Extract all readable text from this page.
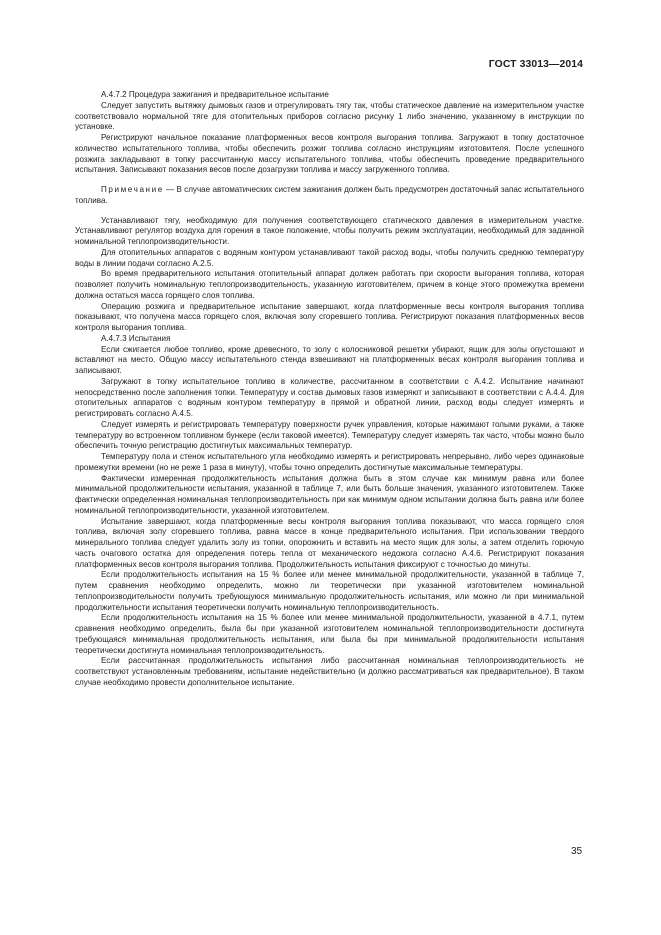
ГОСТ 33013—2014

А.4.7.2 Процедура зажигания и предварительное испытание

Следует запустить вытяжку дымовых газов и отрегулировать тягу так, чтобы статическое давление на измерительном участке соответствовало нормальной тяге для отопительных приборов согласно рисунку 1 либо значению, указанному в инструкции по установке.

Регистрируют начальное показание платформенных весов контроля выгорания топлива. Загружают в топку достаточное количество испытательного топлива, чтобы обеспечить розжиг топлива согласно инструкциям изготовителя. После успешного розжига закладывают в топку рассчитанную массу испытательного топлива, чтобы обеспечить проведение предварительного испытания. Записывают показания весов после дозагрузки топлива и массу загруженного топлива.

Примечание — В случае автоматических систем зажигания должен быть предусмотрен достаточный запас испытательного топлива.

Устанавливают тягу, необходимую для получения соответствующего статического давления в измерительном участке. Устанавливают регулятор воздуха для горения в такое положение, чтобы получить режим эксплуатации, необходимый для заданной номинальной теплопроизводительности.

Для отопительных аппаратов с водяным контуром устанавливают такой расход воды, чтобы получить среднюю температуру воды в линии подачи согласно А.2.5.

Во время предварительного испытания отопительный аппарат должен работать при скорости выгорания топлива, которая позволяет получить номинальную теплопроизводительность, указанную изготовителем, причем в конце этого промежутка времени должна остаться масса горящего слоя топлива.

Операцию розжига и предварительное испытание завершают, когда платформенные весы контроля выгорания топлива показывают, что получена масса горящего слоя, включая золу сгоревшего топлива. Регистрируют показания платформенных весов контроля выгорания топлива.

А.4.7.3 Испытания

Если сжигается любое топливо, кроме древесного, то золу с колосниковой решетки убирают, ящик для золы опустошают и вставляют на место. Общую массу испытательного стенда взвешивают на платформенных весах контроля выгорания топлива и записывают.

Загружают в топку испытательное топливо в количестве, рассчитанном в соответствии с А.4.2. Испытание начинают непосредственно после заполнения топки. Температуру и состав дымовых газов измеряют и записывают в соответствии с А.4.4. Для отопительных аппаратов с водяным контуром температуру в прямой и обратной линии, расход воды следует измерять и регистрировать согласно А.4.5.

Следует измерять и регистрировать температуру поверхности ручек управления, которые нажимают голыми руками, а также температуру во встроенном топливном бункере (если таковой имеется). Температуру следует измерять так часто, чтобы можно было обеспечить точную регистрацию достигнутых максимальных температур.

Температуру пола и стенок испытательного угла необходимо измерять и регистрировать непрерывно, либо через одинаковые промежутки времени (но не реже 1 раза в минуту), чтобы точно определить достигнутые максимальные температуры.

Фактически измеренная продолжительность испытания должна быть в этом случае как минимум равна или более минимальной продолжительности испытания, указанной в таблице 7, или быть больше значения, указанного изготовителем. Также фактически определенная номинальная теплопроизводительность при как минимум одном испытании должна быть равна или более номинальной теплопроизводительности, указанной изготовителем.

Испытание завершают, когда платформенные весы контроля выгорания топлива показывают, что масса горящего слоя топлива, включая золу сгоревшего топлива, равна массе в конце предварительного испытания. При использовании твердого минерального топлива следует удалить золу из топки, опорожнить и вставить на место ящик для золы, а затем отделить горючую часть очагового остатка для определения потерь тепла от механического недожога согласно А.4.6. Регистрируют показания платформенных весов контроля выгорания топлива. Продолжительность испытания фиксируют с точностью до минуты.

Если продолжительность испытания на 15 % более или менее минимальной продолжительности, указанной в таблице 7, путем сравнения необходимо определить, можно ли теоретически при указанной изготовителем номинальной теплопроизводительности получить требующуюся минимальную продолжительность испытания, или можно ли при минимальной продолжительности испытания теоретически получить номинальную теплопроизводительность.

Если продолжительность испытания на 15 % более или менее минимальной продолжительности, указанной в 4.7.1, путем сравнения необходимо определить, была бы при указанной изготовителем номинальной теплопроизводительности достигнута требующаяся минимальная продолжительность испытания, или была бы при минимальной продолжительности испытания теоретически достигнута номинальная теплопроизводительность.

Если рассчитанная продолжительность испытания либо рассчитанная номинальная теплопроизводительность не соответствуют установленным требованиям, испытание недействительно (и должно рассматриваться как предварительное). В таком случае необходимо провести дополнительное испытание.

35
